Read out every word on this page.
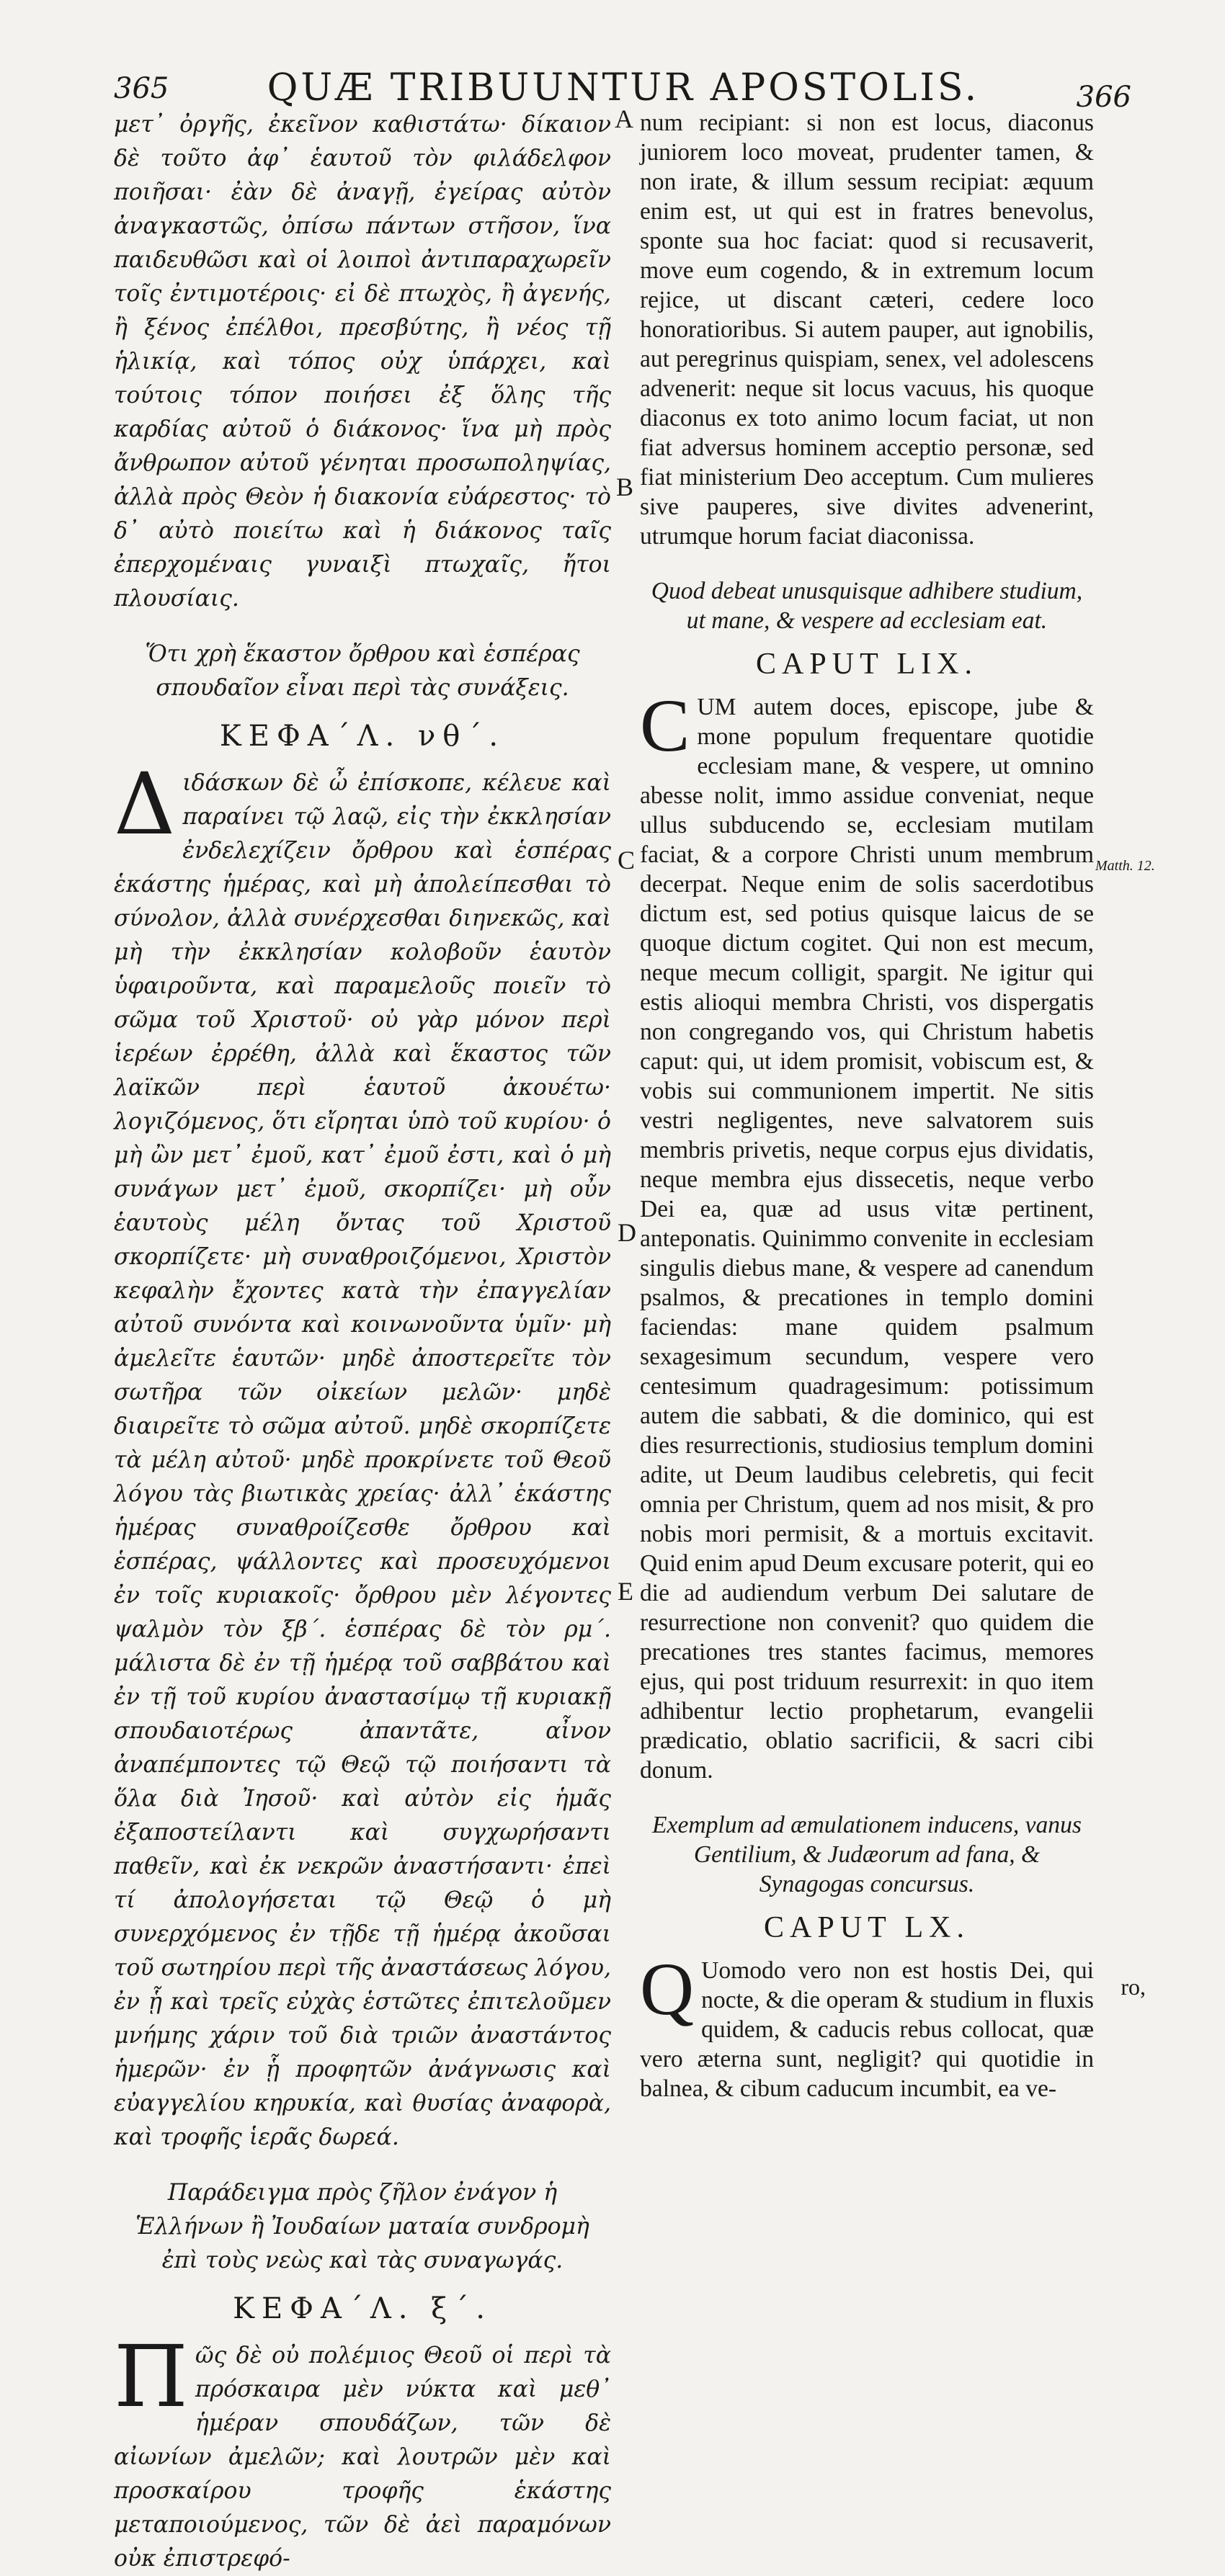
365	QUÆ TRIBUUNTUR APOSTOLIS.	366

μετ᾽ ὀργῆς, ἐκεῖνον καθιστάτω· δίκαιον δὲ τοῦτο ἀφ᾽ ἑαυτοῦ τὸν φιλάδελφον ποιῆσαι· ἐὰν δὲ ἀναγῇ, ἐγείρας αὐτὸν ἀναγκαστῶς, ὀπίσω πάντων στῆσον, ἵνα παιδευθῶσι καὶ οἱ λοιποὶ ἀντιπαραχωρεῖν τοῖς ἐντιμοτέροις· εἰ δὲ πτωχὸς, ἢ ἀγενής, ἢ ξένος ἐπέλθοι, πρεσβύτης, ἢ νέος τῇ ἡλικίᾳ, καὶ τόπος οὐχ ὑπάρχει, καὶ τούτοις τόπον ποιήσει ἐξ ὅλης τῆς καρδίας αὐτοῦ ὁ διάκονος· ἵνα μὴ πρὸς ἄνθρωπον αὐτοῦ γένηται προσωποληψίας, ἀλλὰ πρὸς Θεὸν ἡ διακονία εὐάρεστος· τὸ δ᾽ αὐτὸ ποιείτω καὶ ἡ διάκονος ταῖς ἐπερχομέναις γυναιξὶ πτωχαῖς, ἤτοι πλουσίαις.

Ὅτι χρὴ ἕκαστον ὄρθρου καὶ ἑσπέρας σπουδαῖον εἶναι περὶ τὰς συνάξεις.

ΚΕΦΑ´Λ. νθ´.

Διδάσκων δὲ ὦ ἐπίσκοπε, κέλευε καὶ παραίνει τῷ λαῷ, εἰς τὴν ἐκκλησίαν ἐνδελεχίζειν ὄρθρου καὶ ἑσπέρας ἑκάστης ἡμέρας, καὶ μὴ ἀπολείπεσθαι τὸ σύνολον, ἀλλὰ συνέρχεσθαι διηνεκῶς, καὶ μὴ τὴν ἐκκλησίαν κολοβοῦν ἑαυτὸν ὑφαιροῦντα, καὶ παραμελοῦς ποιεῖν τὸ σῶμα τοῦ Χριστοῦ· οὐ γὰρ μόνον περὶ ἱερέων ἐρρέθη, ἀλλὰ καὶ ἕκαστος τῶν λαϊκῶν περὶ ἑαυτοῦ ἀκουέτω· λογιζόμενος, ὅτι εἴρηται ὑπὸ τοῦ κυρίου· ὁ μὴ ὢν μετ᾽ ἐμοῦ, κατ᾽ ἐμοῦ ἐστι, καὶ ὁ μὴ συνάγων μετ᾽ ἐμοῦ, σκορπίζει· μὴ οὖν ἑαυτοὺς μέλη ὄντας τοῦ Χριστοῦ σκορπίζετε· μὴ συναθροιζόμενοι, Χριστὸν κεφαλὴν ἔχοντες κατὰ τὴν ἐπαγγελίαν αὐτοῦ συνόντα καὶ κοινωνοῦντα ὑμῖν· μὴ ἀμελεῖτε ἑαυτῶν· μηδὲ ἀποστερεῖτε τὸν σωτῆρα τῶν οἰκείων μελῶν· μηδὲ διαιρεῖτε τὸ σῶμα αὐτοῦ. μηδὲ σκορπίζετε τὰ μέλη αὐτοῦ· μηδὲ προκρίνετε τοῦ Θεοῦ λόγου τὰς βιωτικὰς χρείας· ἀλλ᾽ ἑκάστης ἡμέρας συναθροίζεσθε ὄρθρου καὶ ἑσπέρας, ψάλλοντες καὶ προσευχόμενοι ἐν τοῖς κυριακοῖς· ὄρθρου μὲν λέγοντες ψαλμὸν τὸν ξβ´. ἑσπέρας δὲ τὸν ρμ´. μάλιστα δὲ ἐν τῇ ἡμέρᾳ τοῦ σαββάτου καὶ ἐν τῇ τοῦ κυρίου ἀναστασίμῳ τῇ κυριακῇ σπουδαιοτέρως ἀπαντᾶτε, αἶνον ἀναπέμποντες τῷ Θεῷ τῷ ποιήσαντι τὰ ὅλα διὰ Ἰησοῦ· καὶ αὐτὸν εἰς ἡμᾶς ἐξαποστείλαντι καὶ συγχωρήσαντι παθεῖν, καὶ ἐκ νεκρῶν ἀναστήσαντι· ἐπεὶ τί ἀπολογήσεται τῷ Θεῷ ὁ μὴ συνερχόμενος ἐν τῇδε τῇ ἡμέρᾳ ἀκοῦσαι τοῦ σωτηρίου περὶ τῆς ἀναστάσεως λόγου, ἐν ᾗ καὶ τρεῖς εὐχὰς ἑστῶτες ἐπιτελοῦμεν μνήμης χάριν τοῦ διὰ τριῶν ἀναστάντος ἡμερῶν· ἐν ᾗ προφητῶν ἀνάγνωσις καὶ εὐαγγελίου κηρυκία, καὶ θυσίας ἀναφορὰ, καὶ τροφῆς ἱερᾶς δωρεά.

Παράδειγμα πρὸς ζῆλον ἐνάγον ἡ Ἑλλήνων ἢ Ἰουδαίων ματαία συνδρομὴ ἐπὶ τοὺς νεὼς καὶ τὰς συναγωγάς.

ΚΕΦΑ´Λ. ξ´.

Πῶς δὲ οὐ πολέμιος Θεοῦ οἱ περὶ τὰ πρόσκαιρα μὲν νύκτα καὶ μεθ᾽ ἡμέραν σπουδάζων, τῶν δὲ αἰωνίων ἀμελῶν; καὶ λουτρῶν μὲν καὶ προσκαίρου τροφῆς ἑκάστης μεταποιούμενος, τῶν δὲ ἀεὶ παραμόνων οὐκ ἐπιστρεφό-

num recipiant: si non est locus, diaconus juniorem loco moveat, prudenter tamen, & non irate, & illum sessum recipiat: æquum enim est, ut qui est in fratres benevolus, sponte sua hoc faciat: quod si recusaverit, move eum cogendo, & in extremum locum rejice, ut discant cæteri, cedere loco honoratioribus. Si autem pauper, aut ignobilis, aut peregrinus quispiam, senex, vel adolescens advenerit: neque sit locus vacuus, his quoque diaconus ex toto animo locum faciat, ut non fiat adversus hominem acceptio personæ, sed fiat ministerium Deo acceptum. Cum mulieres sive pauperes, sive divites advenerint, utrumque horum faciat diaconissa.

Quod debeat unusquisque adhibere studium, ut mane, & vespere ad ecclesiam eat.

CAPUT LIX.

CUM autem doces, episcope, jube & mone populum frequentare quotidie ecclesiam mane, & vespere, ut omnino abesse nolit, immo assidue conveniat, neque ullus subducendo se, ecclesiam mutilam faciat, & a corpore Christi unum membrum decerpat. Neque enim de solis sacerdotibus dictum est, sed potius quisque laicus de se quoque dictum cogitet. Qui non est mecum, neque mecum colligit, spargit. Ne igitur qui estis alioqui membra Christi, vos dispergatis non congregando vos, qui Christum habetis caput: qui, ut idem promisit, vobiscum est, & vobis sui communionem impertit. Ne sitis vestri negligentes, neve salvatorem suis membris privetis, neque corpus ejus dividatis, neque membra ejus dissecetis, neque verbo Dei ea, quæ ad usus vitæ pertinent, anteponatis. Quinimmo convenite in ecclesiam singulis diebus mane, & vespere ad canendum psalmos, & precationes in templo domini faciendas: mane quidem psalmum sexagesimum secundum, vespere vero centesimum quadragesimum: potissimum autem die sabbati, & die dominico, qui est dies resurrectionis, studiosius templum domini adite, ut Deum laudibus celebretis, qui fecit omnia per Christum, quem ad nos misit, & pro nobis mori permisit, & a mortuis excitavit. Quid enim apud Deum excusare poterit, qui eo die ad audiendum verbum Dei salutare de resurrectione non convenit? quo quidem die precationes tres stantes facimus, memores ejus, qui post triduum resurrexit: in quo item adhibentur lectio prophetarum, evangelii prædicatio, oblatio sacrificii, & sacri cibi donum.

Exemplum ad æmulationem inducens, vanus Gentilium, & Judæorum ad fana, & Synagogas concursus.

CAPUT LX.

Q Uomodo vero non est hostis Dei, qui nocte, & die operam & studium in fluxis quidem, & caducis rebus collocat, quæ vero æterna sunt, negligit? qui quotidie in balnea, & cibum caducum incumbit, ea ve-

A
B
C
D
E
Matth. 12.
ro,
